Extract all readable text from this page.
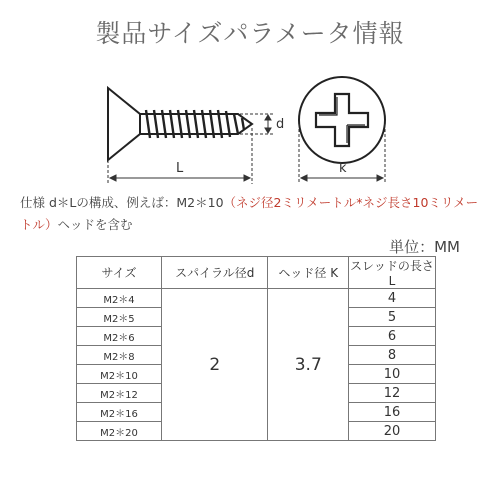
製品サイズパラメータ情報
L
d
k
仕様 d＊Lの構成、例えば：M2＊10（ネジ径2ミリメートル*ネジ長さ10ミリメートル）ヘッドを含む
単位：MM
サイズ	スパイラル径d	ヘッド径 K	スレッドの長さL
M2＊4	2	3.7	4
M2＊5			5
M2＊6			6
M2＊8			8
M2＊10			10
M2＊12			12
M2＊16			16
M2＊20			20
